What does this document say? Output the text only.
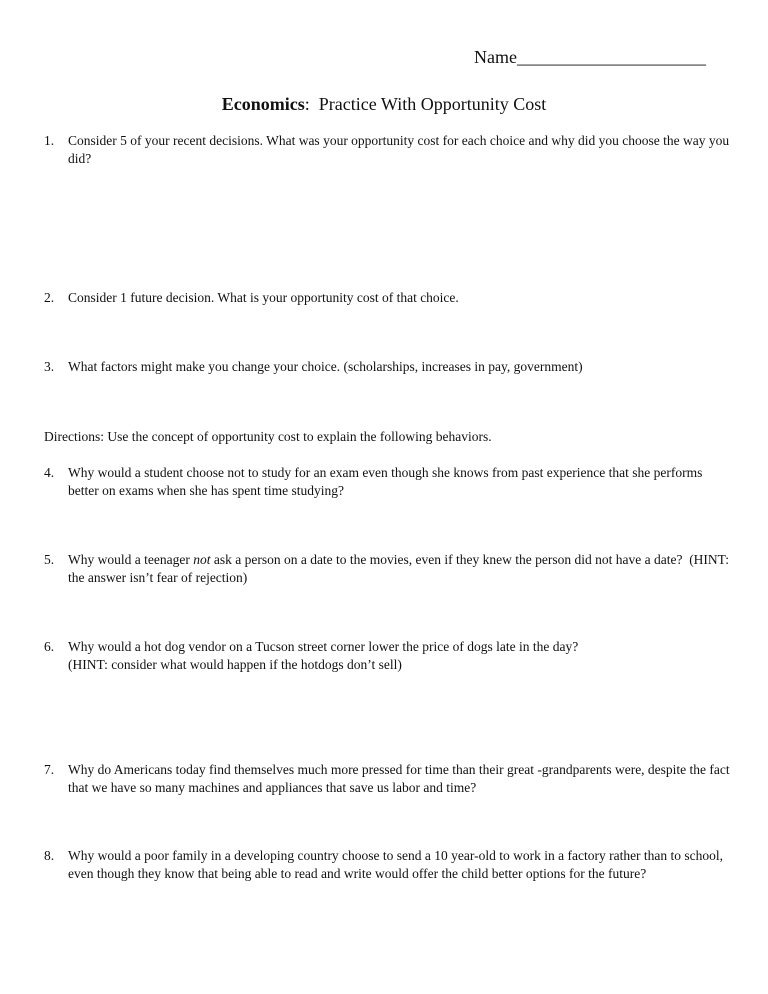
Name_____________________
Economics:  Practice With Opportunity Cost
1.	Consider 5 of your recent decisions. What was your opportunity cost for each choice and why did you choose the way you did?
2.	Consider 1 future decision. What is your opportunity cost of that choice.
3.	What factors might make you change your choice. (scholarships, increases in pay, government)
Directions: Use the concept of opportunity cost to explain the following behaviors.
4.	Why would a student choose not to study for an exam even though she knows from past experience that she performs better on exams when she has spent time studying?
5.	Why would a teenager not ask a person on a date to the movies, even if they knew the person did not have a date?  (HINT: the answer isn’t fear of rejection)
6.	Why would a hot dog vendor on a Tucson street corner lower the price of dogs late in the day?
(HINT: consider what would happen if the hotdogs don’t sell)
7.	Why do Americans today find themselves much more pressed for time than their great -grandparents were, despite the fact that we have so many machines and appliances that save us labor and time?
8.	Why would a poor family in a developing country choose to send a 10 year-old to work in a factory rather than to school, even though they know that being able to read and write would offer the child better options for the future?
